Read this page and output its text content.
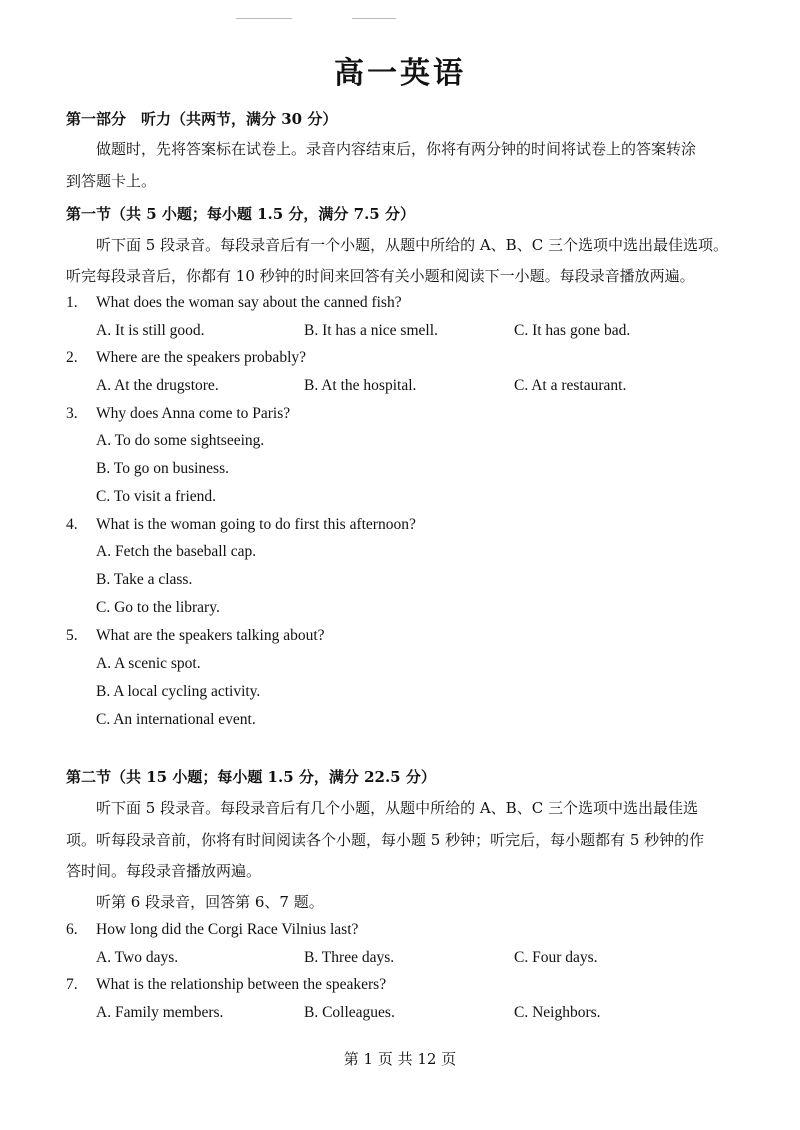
高一英语
第一部分　听力（共两节，满分 30 分）
做题时，先将答案标在试卷上。录音内容结束后，你将有两分钟的时间将试卷上的答案转涂
到答题卡上。
第一节（共 5 小题；每小题 1.5 分，满分 7.5 分）
听下面 5 段录音。每段录音后有一个小题，从题中所给的 A、B、C 三个选项中选出最佳选项。
听完每段录音后，你都有 10 秒钟的时间来回答有关小题和阅读下一小题。每段录音播放两遍。
1. What does the woman say about the canned fish?
A. It is still good.	B. It has a nice smell.	C. It has gone bad.
2. Where are the speakers probably?
A. At the drugstore.	B. At the hospital.	C. At a restaurant.
3. Why does Anna come to Paris?
A. To do some sightseeing.
B. To go on business.
C. To visit a friend.
4. What is the woman going to do first this afternoon?
A. Fetch the baseball cap.
B. Take a class.
C. Go to the library.
5. What are the speakers talking about?
A. A scenic spot.
B. A local cycling activity.
C. An international event.
第二节（共 15 小题；每小题 1.5 分，满分 22.5 分）
听下面 5 段录音。每段录音后有几个小题，从题中所给的 A、B、C 三个选项中选出最佳选
项。听每段录音前，你将有时间阅读各个小题，每小题 5 秒钟；听完后，每小题都有 5 秒钟的作
答时间。每段录音播放两遍。
听第 6 段录音，回答第 6、7 题。
6. How long did the Corgi Race Vilnius last?
A. Two days.	B. Three days.	C. Four days.
7. What is the relationship between the speakers?
A. Family members.	B. Colleagues.	C. Neighbors.
第 1 页 共 12 页
